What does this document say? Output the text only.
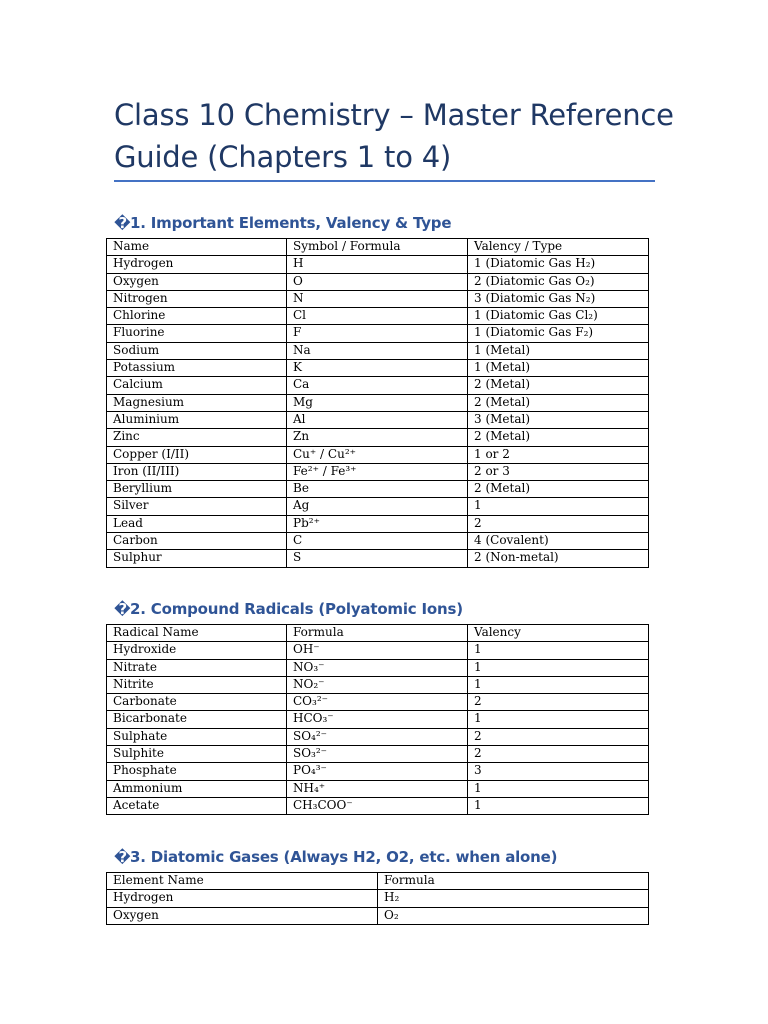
Class 10 Chemistry – Master Reference Guide (Chapters 1 to 4)
� 1. Important Elements, Valency & Type
Name	Symbol / Formula	Valency / Type
Hydrogen	H	1 (Diatomic Gas H₂)
Oxygen	O	2 (Diatomic Gas O₂)
Nitrogen	N	3 (Diatomic Gas N₂)
Chlorine	Cl	1 (Diatomic Gas Cl₂)
Fluorine	F	1 (Diatomic Gas F₂)
Sodium	Na	1 (Metal)
Potassium	K	1 (Metal)
Calcium	Ca	2 (Metal)
Magnesium	Mg	2 (Metal)
Aluminium	Al	3 (Metal)
Zinc	Zn	2 (Metal)
Copper (I/II)	Cu⁺ / Cu²⁺	1 or 2
Iron (II/III)	Fe²⁺ / Fe³⁺	2 or 3
Beryllium	Be	2 (Metal)
Silver	Ag	1
Lead	Pb²⁺	2
Carbon	C	4 (Covalent)
Sulphur	S	2 (Non-metal)
� 2. Compound Radicals (Polyatomic Ions)
Radical Name	Formula	Valency
Hydroxide	OH⁻	1
Nitrate	NO₃⁻	1
Nitrite	NO₂⁻	1
Carbonate	CO₃²⁻	2
Bicarbonate	HCO₃⁻	1
Sulphate	SO₄²⁻	2
Sulphite	SO₃²⁻	2
Phosphate	PO₄³⁻	3
Ammonium	NH₄⁺	1
Acetate	CH₃COO⁻	1
� 3. Diatomic Gases (Always H2, O2, etc. when alone)
Element Name	Formula
Hydrogen	H₂
Oxygen	O₂
